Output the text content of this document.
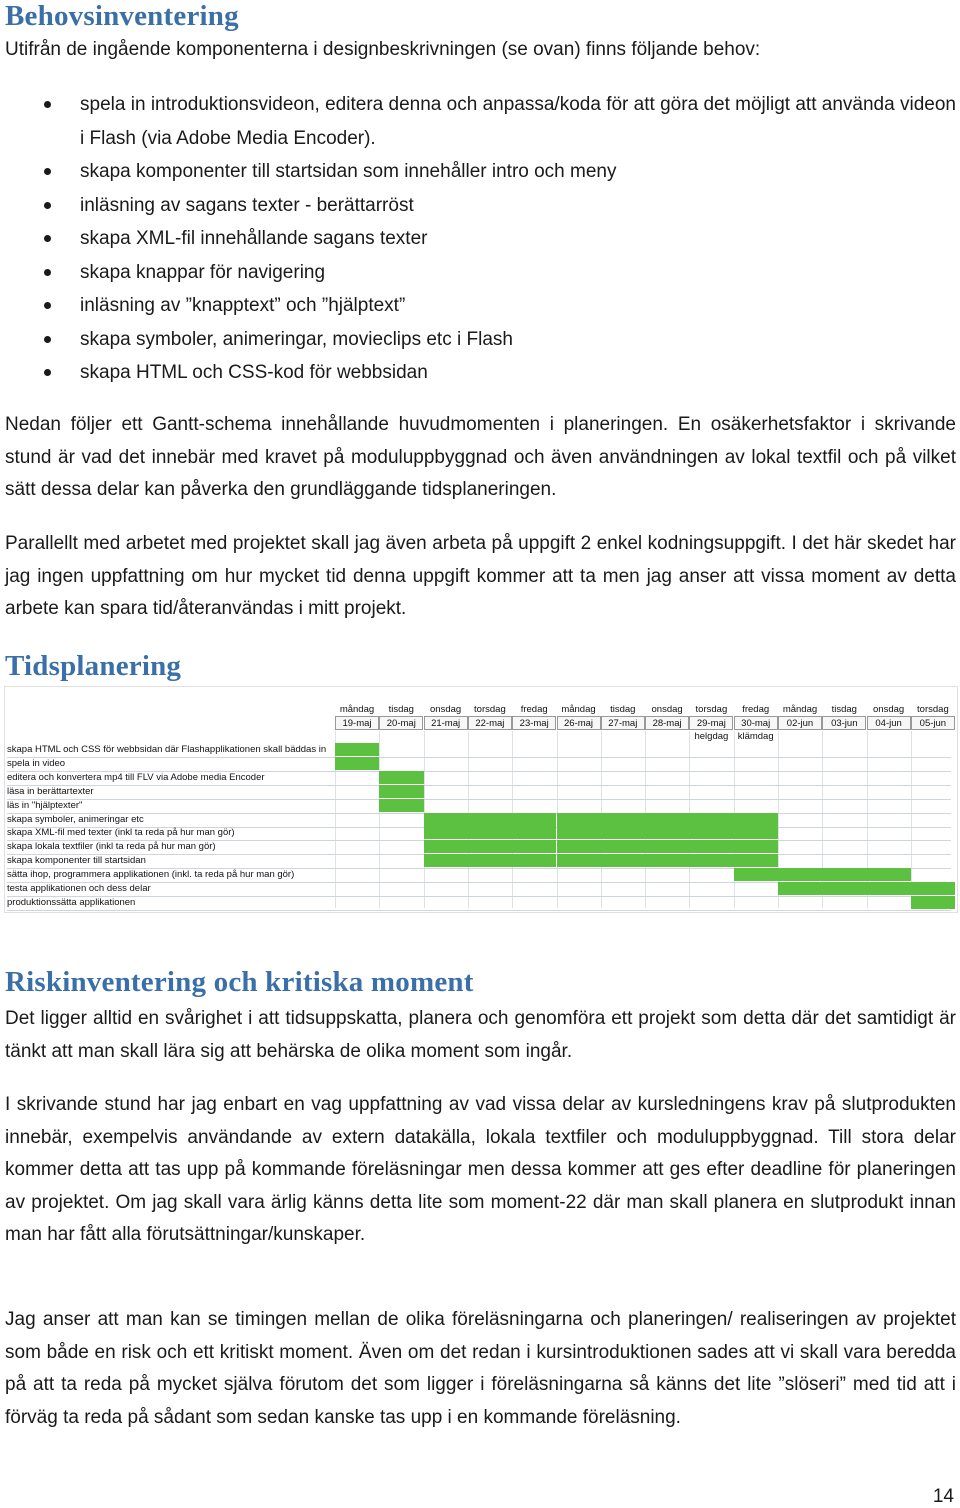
Behovsinventering

Utifrån de ingående komponenterna i designbeskrivningen (se ovan) finns följande behov:

spela in introduktionsvideon, editera denna och anpassa/koda för att göra det möjligt att använda videon i Flash (via Adobe Media Encoder).
skapa komponenter till startsidan som innehåller intro och meny
inläsning av sagans texter - berättarröst
skapa XML-fil innehållande sagans texter
skapa knappar för navigering
inläsning av ”knapptext” och ”hjälptext”
skapa symboler, animeringar, movieclips etc i Flash
skapa HTML och CSS-kod för webbsidan

Nedan följer ett Gantt-schema innehållande huvudmomenten i planeringen. En osäkerhetsfaktor i skrivande stund är vad det innebär med kravet på moduluppbyggnad och även användningen av lokal textfil och på vilket sätt dessa delar kan påverka den grundläggande tidsplaneringen.

Parallellt med arbetet med projektet skall jag även arbeta på uppgift 2 enkel kodningsuppgift. I det här skedet har jag ingen uppfattning om hur mycket tid denna uppgift kommer att ta men jag anser att vissa moment av detta arbete kan spara tid/återanvändas i mitt projekt.

Tidsplanering
måndag
19-maj
tisdag
20-maj
onsdag
21-maj
torsdag
22-maj
fredag
23-maj
måndag
26-maj
tisdag
27-maj
onsdag
28-maj
torsdag
29-maj
helgdag
fredag
30-maj
klämdag
måndag
02-jun
tisdag
03-jun
onsdag
04-jun
torsdag
05-jun
skapa HTML och CSS för webbsidan där Flashapplikationen skall bäddas in
spela in video
editera och konvertera mp4 till FLV via Adobe media Encoder
läsa in berättartexter
läs in "hjälptexter"
skapa symboler, animeringar etc
skapa XML-fil med texter (inkl ta reda på hur man gör)
skapa lokala textfiler (inkl ta reda på hur man gör)
skapa komponenter till startsidan
sätta ihop, programmera applikationen (inkl. ta reda på hur man gör)
testa applikationen och dess delar
produktionssätta applikationen
Riskinventering och kritiska moment

Det ligger alltid en svårighet i att tidsuppskatta, planera och genomföra ett projekt som detta där det samtidigt är tänkt att man skall lära sig att behärska de olika moment som ingår.

I skrivande stund har jag enbart en vag uppfattning av vad vissa delar av kursledningens krav på slutprodukten innebär, exempelvis användande av extern datakälla, lokala textfiler och moduluppbyggnad. Till stora delar kommer detta att tas upp på kommande föreläsningar men dessa kommer att ges efter deadline för planeringen av projektet. Om jag skall vara ärlig känns detta lite som moment-22 där man skall planera en slutprodukt innan man har fått alla förutsättningar/kunskaper.

Jag anser att man kan se timingen mellan de olika föreläsningarna och planeringen/ realiseringen av projektet som både en risk och ett kritiskt moment. Även om det redan i kursintroduktionen sades att vi skall vara beredda på att ta reda på mycket själva förutom det som ligger i föreläsningarna så känns det lite ”slöseri” med tid att i förväg ta reda på sådant som sedan kanske tas upp i en kommande föreläsning.

14
